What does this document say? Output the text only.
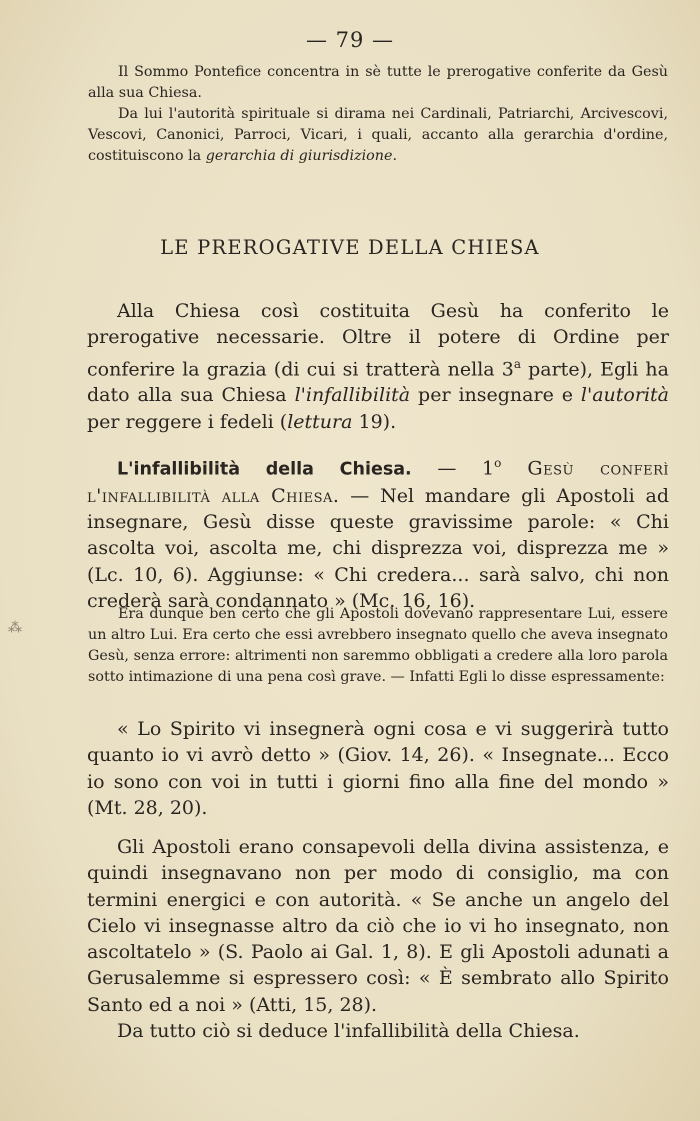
— 79 —

Il Sommo Pontefice concentra in sè tutte le prerogative conferite da Gesù alla sua Chiesa.

Da lui l'autorità spirituale si dirama nei Cardinali, Patriarchi, Arcivescovi, Vescovi, Canonici, Parroci, Vicari, i quali, accanto alla gerarchia d'ordine, costituiscono la gerarchia di giurisdizione.

LE PREROGATIVE DELLA CHIESA

Alla Chiesa così costituita Gesù ha conferito le prerogative necessarie. Oltre il potere di Ordine per conferire la grazia (di cui si tratterà nella 3$^a$ parte), Egli ha dato alla sua Chiesa l'infallibilità per insegnare e l'autorità per reggere i fedeli (lettura 19).

L'infallibilità della Chiesa. — 1$^o$ Gesù conferì l'infallibilità alla Chiesa. — Nel mandare gli Apostoli ad insegnare, Gesù disse queste gravissime parole: « Chi ascolta voi, ascolta me, chi disprezza voi, disprezza me » (Lc. 10, 6). Aggiunse: « Chi credera... sarà salvo, chi non crederà sarà condannato » (Mc. 16, 16).

Era dunque ben certo che gli Apostoli dovevano rappresentare Lui, essere un altro Lui. Era certo che essi avrebbero insegnato quello che aveva insegnato Gesù, senza errore: altrimenti non saremmo obbligati a credere alla loro parola sotto intimazione di una pena così grave. — Infatti Egli lo disse espressamente:

« Lo Spirito vi insegnerà ogni cosa e vi suggerirà tutto quanto io vi avrò detto » (Giov. 14, 26). « Insegnate... Ecco io sono con voi in tutti i giorni fino alla fine del mondo » (Mt. 28, 20).

Gli Apostoli erano consapevoli della divina assistenza, e quindi insegnavano non per modo di consiglio, ma con termini energici e con autorità. « Se anche un angelo del Cielo vi insegnasse altro da ciò che io vi ho insegnato, non ascoltatelo » (S. Paolo ai Gal. 1, 8). E gli Apostoli adunati a Gerusalemme si espressero così: « È sembrato allo Spirito Santo ed a noi » (Atti, 15, 28).

Da tutto ciò si deduce l'infallibilità della Chiesa.

⁂
